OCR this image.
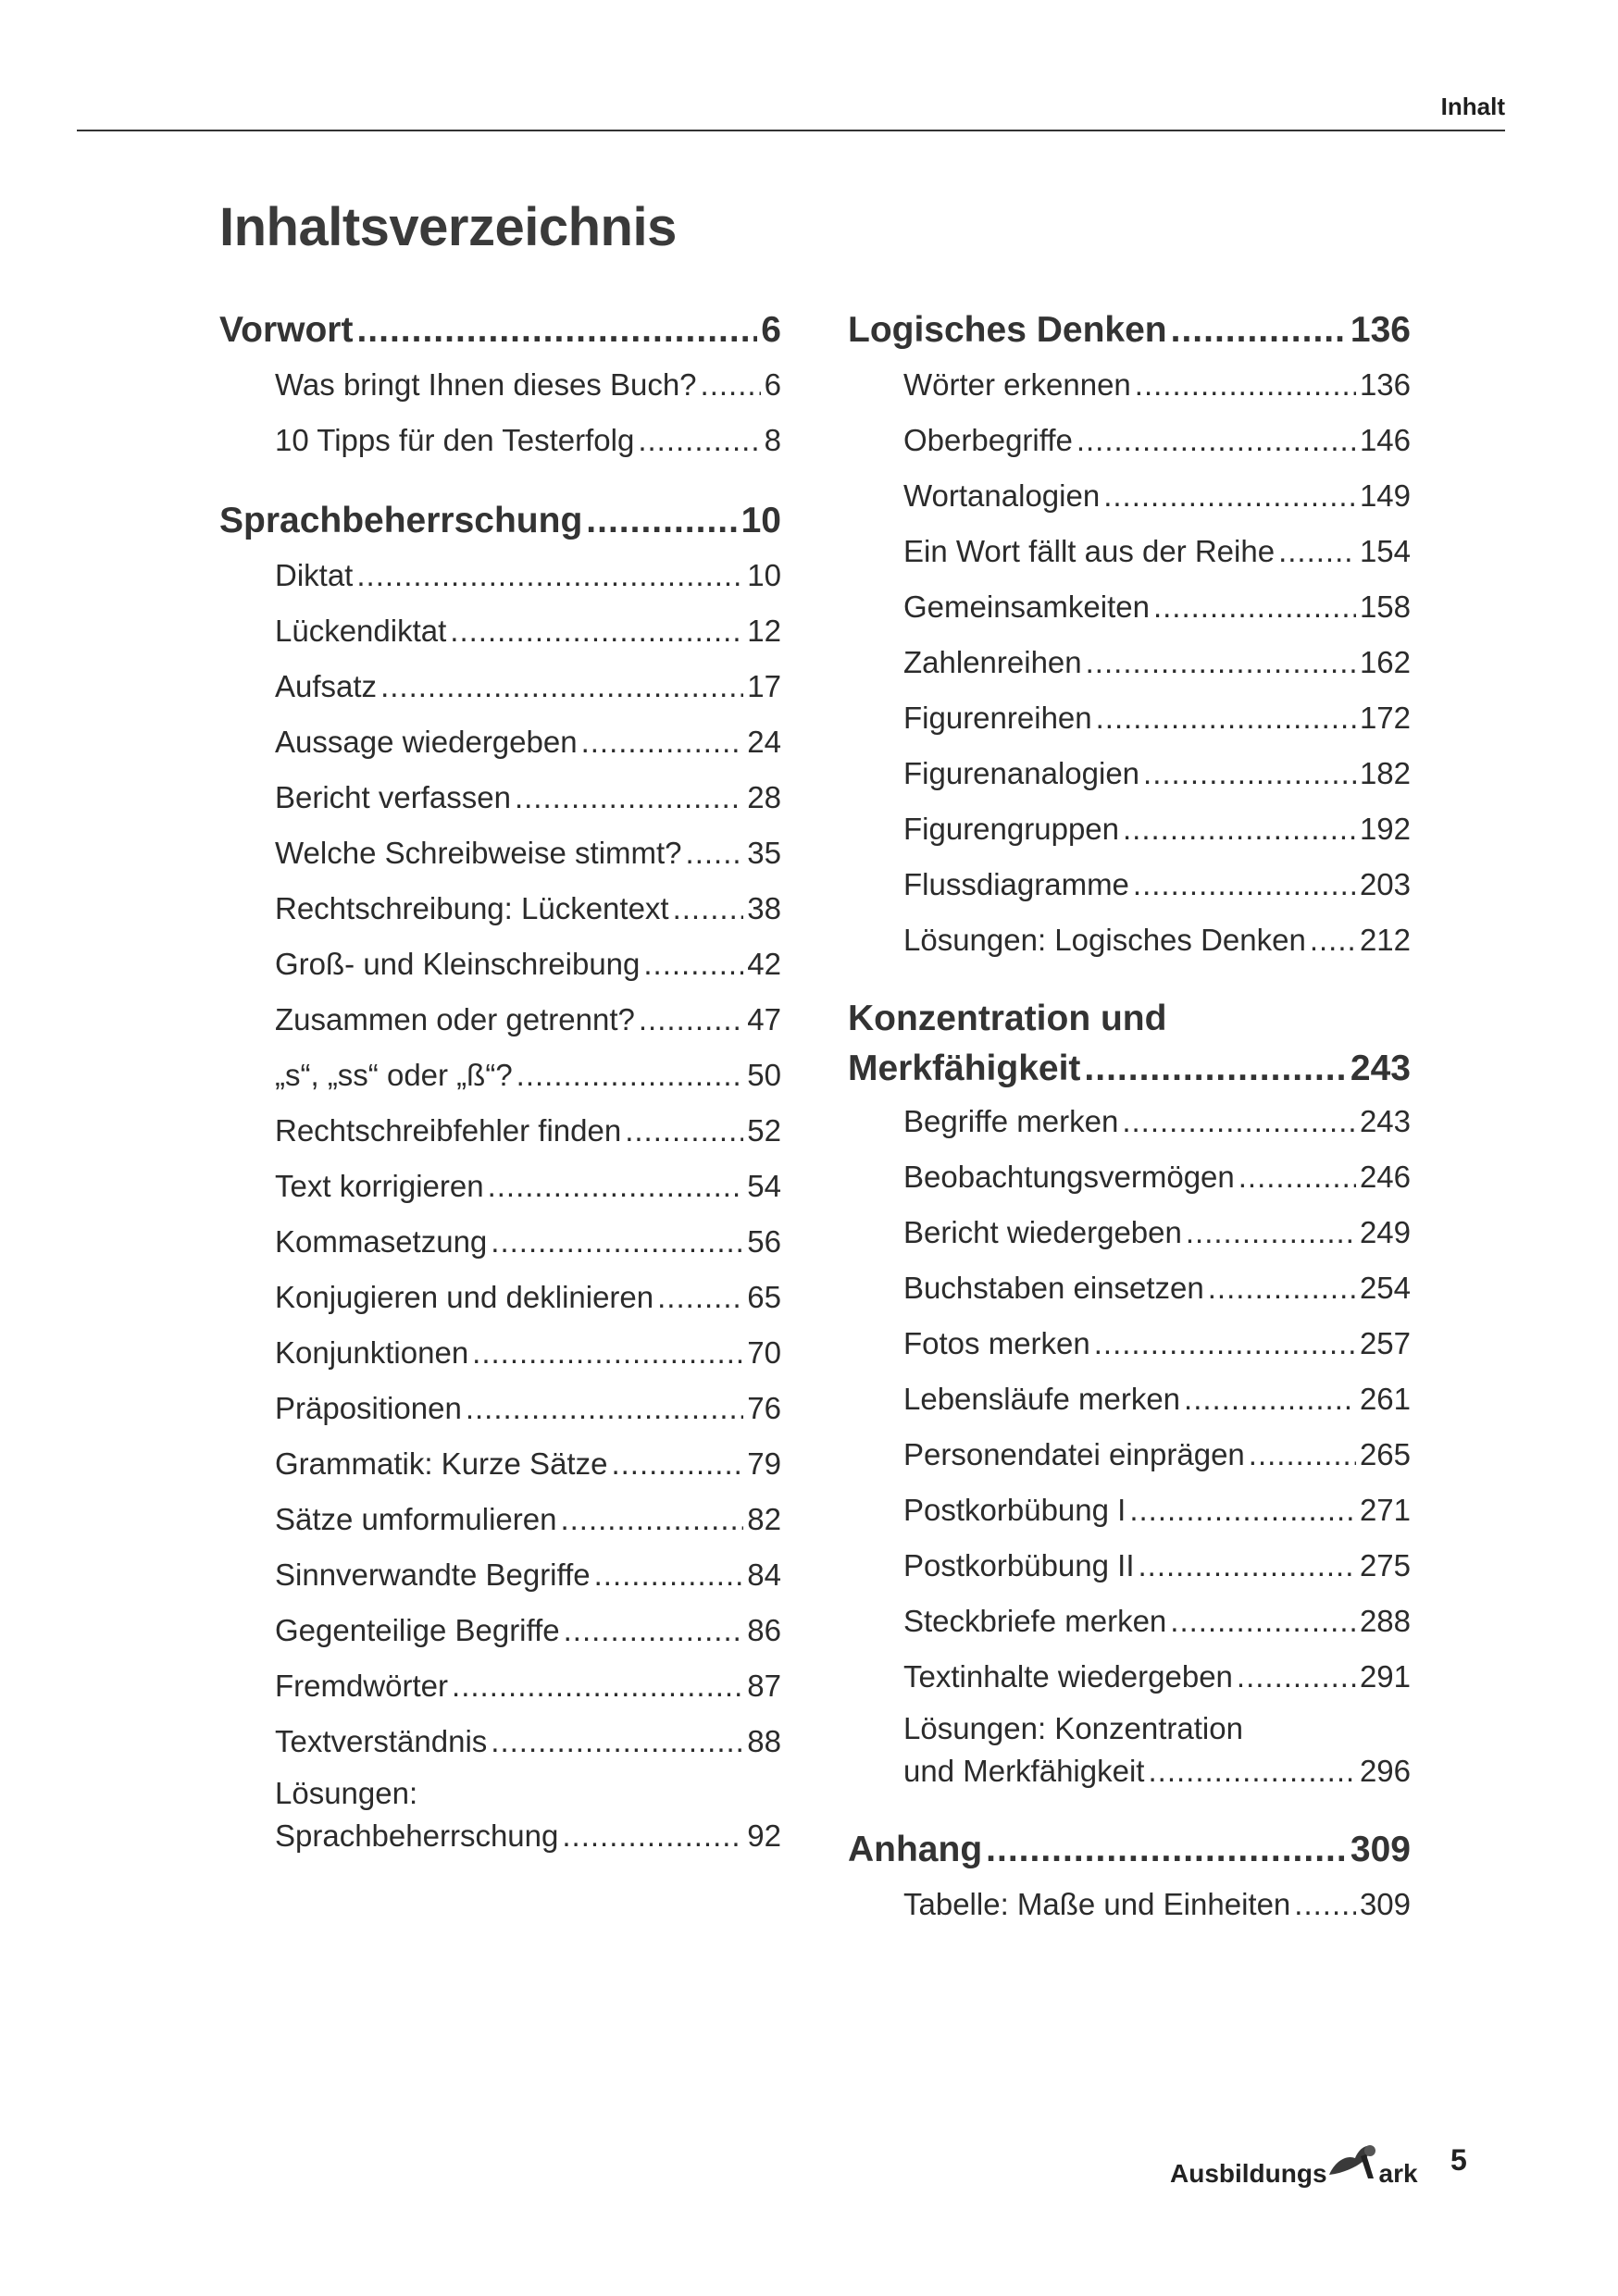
Inhalt
Inhaltsverzeichnis
Vorwort .....	6
Was bringt Ihnen dieses Buch? ..... 6
10 Tipps für den Testerfolg .....	8
Sprachbeherrschung .....	10
Diktat .....	10
Lückendiktat .....	12
Aufsatz .....	17
Aussage wiedergeben .....	24
Bericht verfassen .....	28
Welche Schreibweise stimmt? ..... 35
Rechtschreibung: Lückentext .....	38
Groß- und Kleinschreibung .....	42
Zusammen oder getrennt? .....	47
„s“, „ss“ oder „ß“? .....	50
Rechtschreibfehler finden .....	52
Text korrigieren .....	54
Kommasetzung .....	56
Konjugieren und deklinieren .....	65
Konjunktionen .....	70
Präpositionen .....	76
Grammatik: Kurze Sätze .....	79
Sätze umformulieren .....	82
Sinnverwandte Begriffe .....	84
Gegenteilige Begriffe .....	86
Fremdwörter .....	87
Textverständnis .....	88
Lösungen:
Sprachbeherrschung .....	92
Logisches Denken .....	136
Wörter erkennen .....	136
Oberbegriffe .....	146
Wortanalogien .....	149
Ein Wort fällt aus der Reihe .....	154
Gemeinsamkeiten .....	158
Zahlenreihen .....	162
Figurenreihen .....	172
Figurenanalogien .....	182
Figurengruppen .....	192
Flussdiagramme .....	203
Lösungen: Logisches Denken ..... 212
Konzentration und
Merkfähigkeit .....	243
Begriffe merken .....	243
Beobachtungsvermögen .....	246
Bericht wiedergeben .....	249
Buchstaben einsetzen .....	254
Fotos merken .....	257
Lebensläufe merken .....	261
Personendatei einprägen .....	265
Postkorbübung I .....	271
Postkorbübung II .....	275
Steckbriefe merken .....	288
Textinhalte wiedergeben .....	291
Lösungen: Konzentration
und Merkfähigkeit .....	296
Anhang .....	309
Tabelle: Maße und Einheiten ..... 309
Ausbildungs ark 5
